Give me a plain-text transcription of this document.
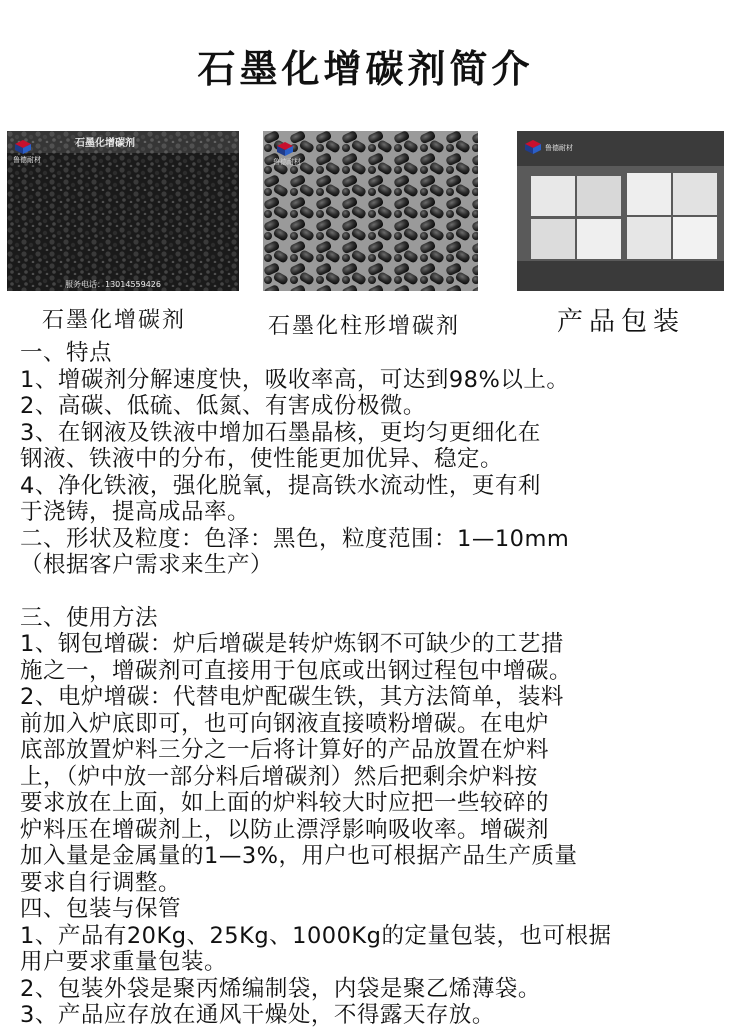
石墨化增碳剂简介
鲁德耐材
石墨化增碳剂
服务电话：13014559426
鲁德耐材
鲁德耐材
石墨化增碳剂	石墨化柱形增碳剂	产品包装
一、特点
1、增碳剂分解速度快，吸收率高，可达到98%以上。
2、高碳、低硫、低氮、有害成份极微。
3、在钢液及铁液中增加石墨晶核，更均匀更细化在
钢液、铁液中的分布，使性能更加优异、稳定。
4、净化铁液，强化脱氧，提高铁水流动性，更有利
于浇铸，提高成品率。
二、形状及粒度：色泽：黑色，粒度范围：1—10mm
（根据客户需求来生产）
三、使用方法
1、钢包增碳：炉后增碳是转炉炼钢不可缺少的工艺措
施之一，增碳剂可直接用于包底或出钢过程包中增碳。
2、电炉增碳：代替电炉配碳生铁，其方法简单，装料
前加入炉底即可，也可向钢液直接喷粉增碳。在电炉
底部放置炉料三分之一后将计算好的产品放置在炉料
上，（炉中放一部分料后增碳剂）然后把剩余炉料按
要求放在上面，如上面的炉料较大时应把一些较碎的
炉料压在增碳剂上，以防止漂浮影响吸收率。增碳剂
加入量是金属量的1—3%，用户也可根据产品生产质量
要求自行调整。
四、包装与保管
1、产品有20Kg、25Kg、1000Kg的定量包装，也可根据
用户要求重量包装。
2、包装外袋是聚丙烯编制袋，内袋是聚乙烯薄袋。
3、产品应存放在通风干燥处，不得露天存放。
